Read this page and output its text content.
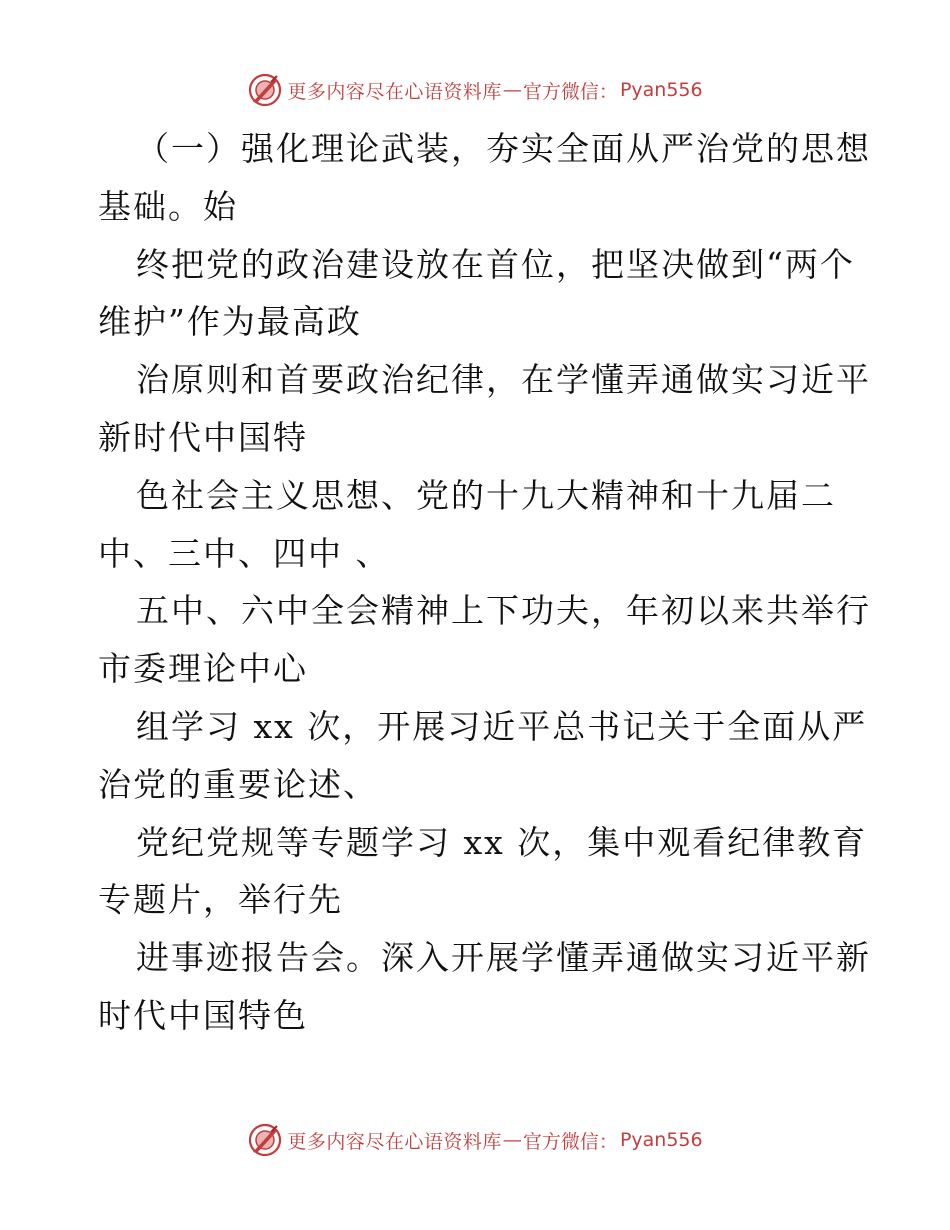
更多内容尽在心语资料库 — 官方微信： Pyan556
（一）强化理论武装，夯实全面从严治党的思想
基础。始
终把党的政治建设放在首位，把坚决做到“两个
维护”作为最高政
治原则和首要政治纪律，在学懂弄通做实习近平
新时代中国特
色社会主义思想、党的十九大精神和十九届二
中、三中、四中 、
五中、六中全会精神上下功夫，年初以来共举行
市委理论中心
组学习 xx 次，开展习近平总书记关于全面从严
治党的重要论述、
党纪党规等专题学习 xx 次，集中观看纪律教育
专题片，举行先
进事迹报告会。深入开展学懂弄通做实习近平新
时代中国特色
更多内容尽在心语资料库 — 官方微信： Pyan556
